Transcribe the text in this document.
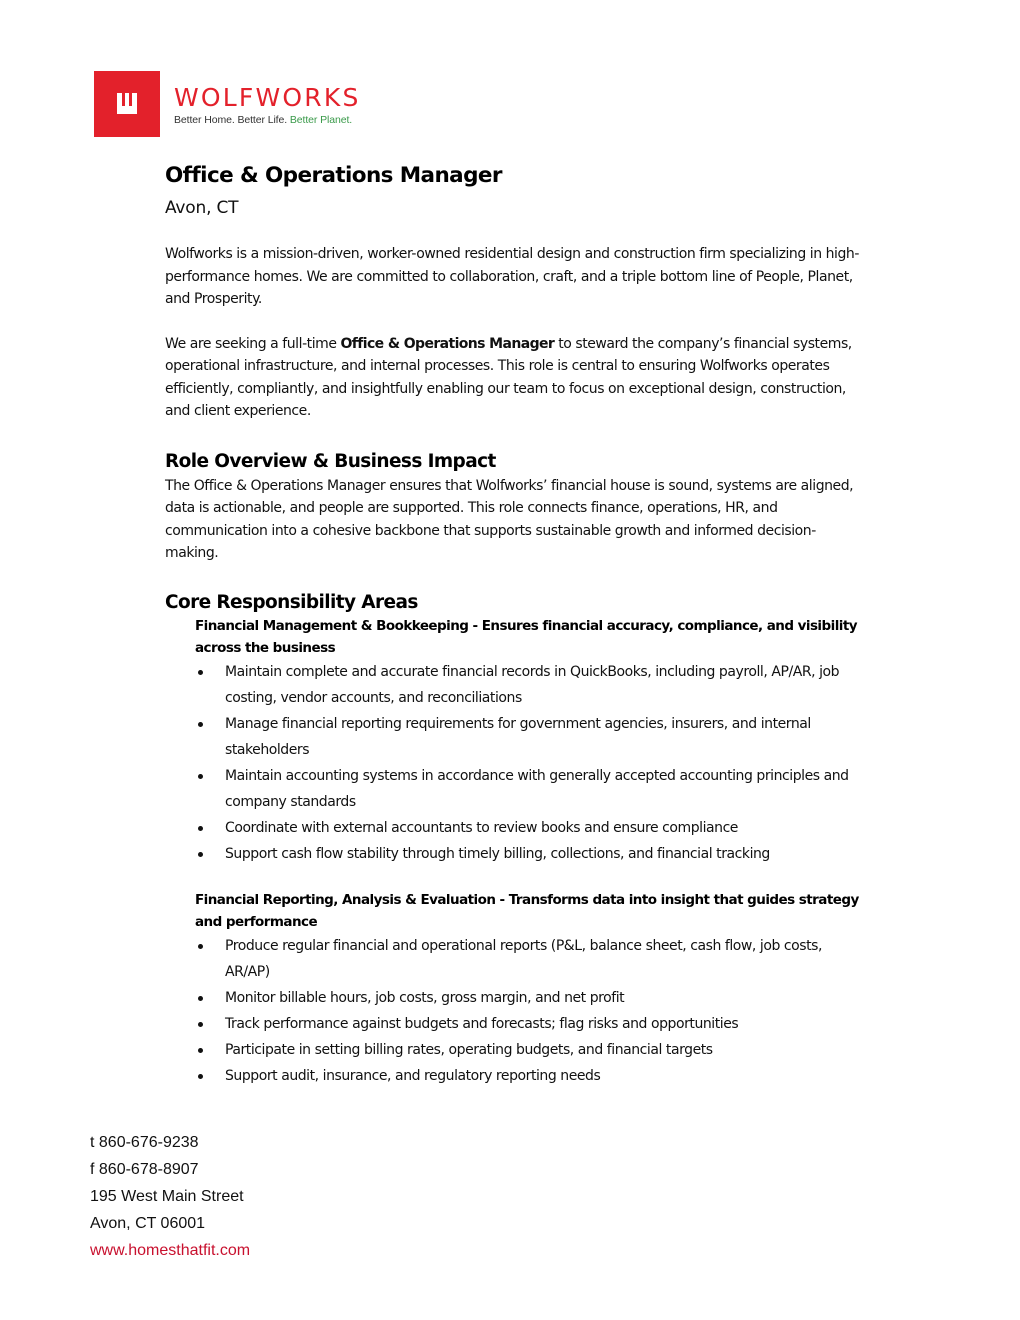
WOLFWORKS
Better Home. Better Life. Better Planet.
Office & Operations Manager
Avon, CT

Wolfworks is a mission-driven, worker-owned residential design and construction firm specializing in high-performance homes. We are committed to collaboration, craft, and a triple bottom line of People, Planet, and Prosperity.

We are seeking a full-time Office & Operations Manager to steward the company’s financial systems, operational infrastructure, and internal processes. This role is central to ensuring Wolfworks operates efficiently, compliantly, and insightfully enabling our team to focus on exceptional design, construction, and client experience.

Role Overview & Business Impact

The Office & Operations Manager ensures that Wolfworks’ financial house is sound, systems are aligned, data is actionable, and people are supported. This role connects finance, operations, HR, and communication into a cohesive backbone that supports sustainable growth and informed decision-making.

Core Responsibility Areas
Financial Management & Bookkeeping - Ensures financial accuracy, compliance, and visibility across the business
Maintain complete and accurate financial records in QuickBooks, including payroll, AP/AR, job costing, vendor accounts, and reconciliations
Manage financial reporting requirements for government agencies, insurers, and internal stakeholders
Maintain accounting systems in accordance with generally accepted accounting principles and company standards
Coordinate with external accountants to review books and ensure compliance
Support cash flow stability through timely billing, collections, and financial tracking
Financial Reporting, Analysis & Evaluation - Transforms data into insight that guides strategy and performance
Produce regular financial and operational reports (P&L, balance sheet, cash flow, job costs, AR/AP)
Monitor billable hours, job costs, gross margin, and net profit
Track performance against budgets and forecasts; flag risks and opportunities
Participate in setting billing rates, operating budgets, and financial targets
Support audit, insurance, and regulatory reporting needs
t 860-676-9238
f 860-678-8907
195 West Main Street
Avon, CT 06001
www.homesthatfit.com
